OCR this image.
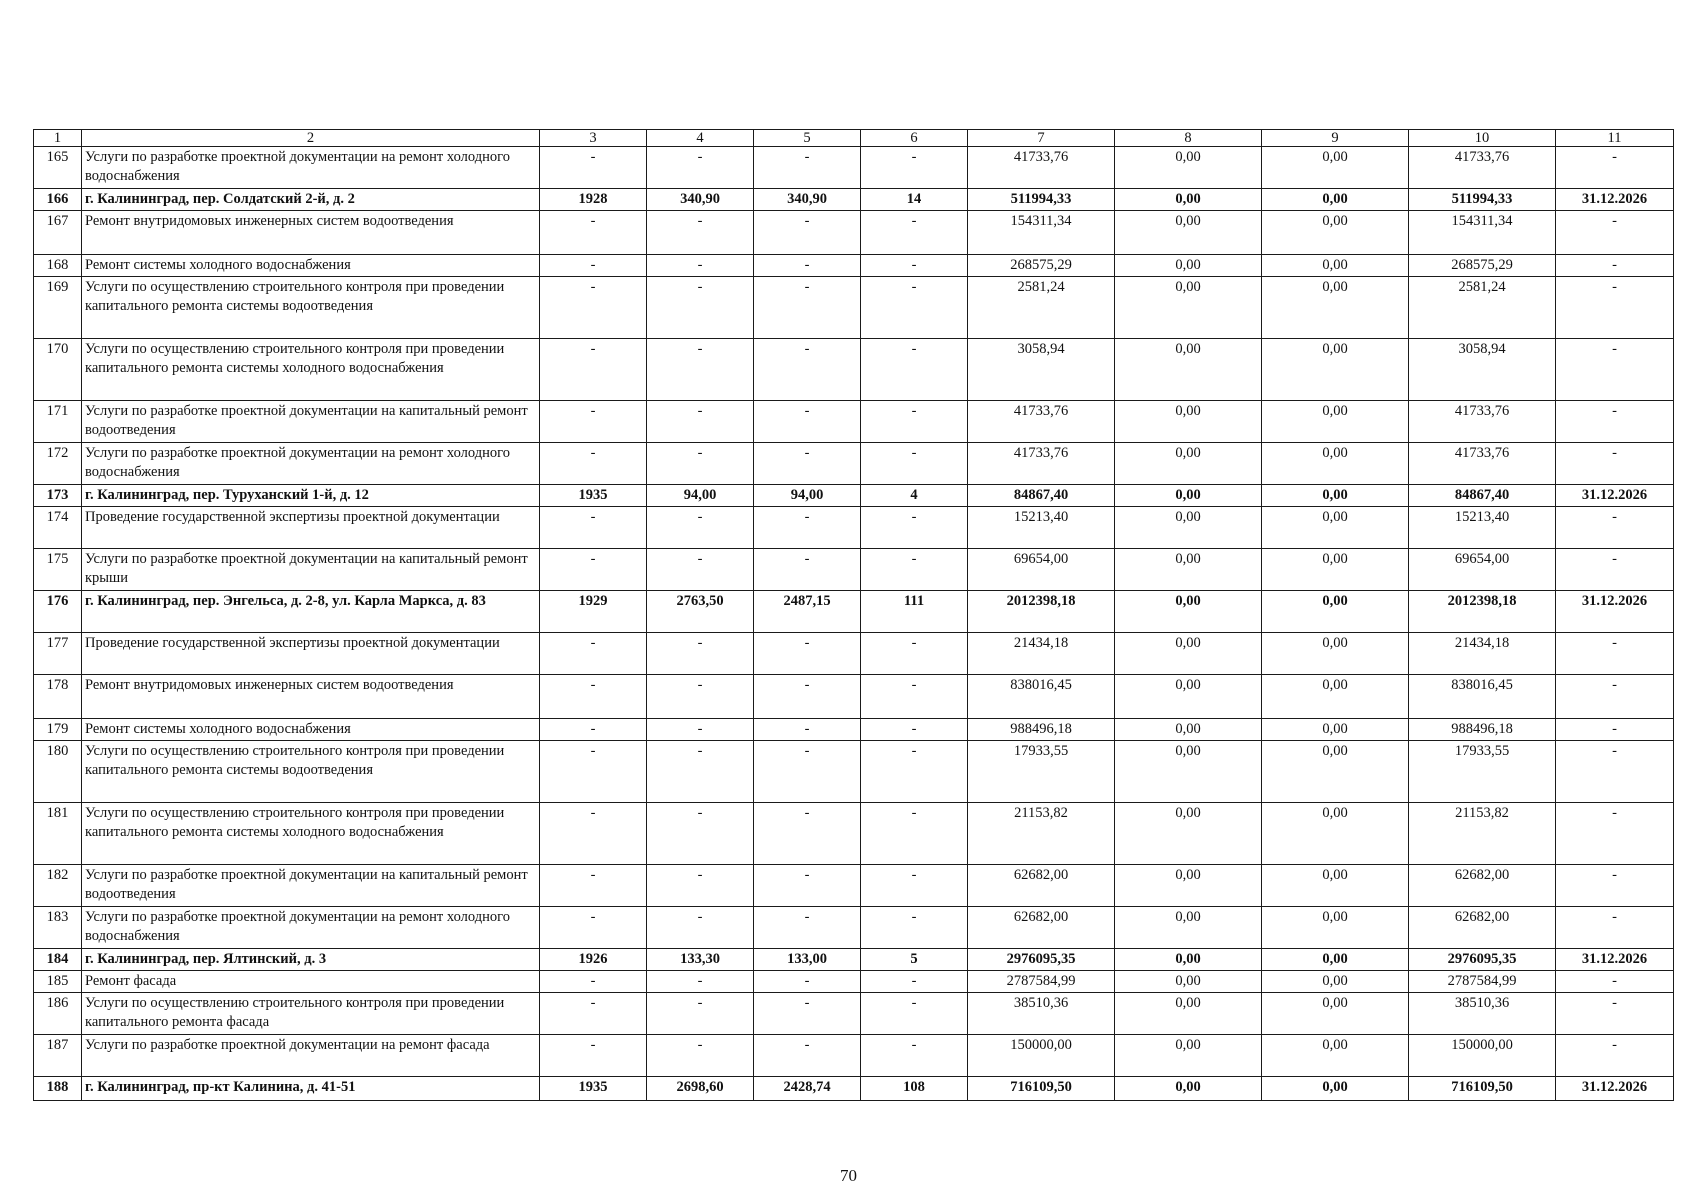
1	2	3	4	5	6	7	8	9	10	11
165	Услуги по разработке проектной документации на ремонт холодного водоснабжения	-	-	-	-	41733,76	0,00	0,00	41733,76	-
166	г. Калининград, пер. Солдатский 2-й, д. 2	1928	340,90	340,90	14	511994,33	0,00	0,00	511994,33	31.12.2026
167	Ремонт внутридомовых инженерных систем водоотведения	-	-	-	-	154311,34	0,00	0,00	154311,34	-
168	Ремонт системы холодного водоснабжения	-	-	-	-	268575,29	0,00	0,00	268575,29	-
169	Услуги по осуществлению строительного контроля при проведении капитального ремонта системы водоотведения	-	-	-	-	2581,24	0,00	0,00	2581,24	-
170	Услуги по осуществлению строительного контроля при проведении капитального ремонта системы холодного водоснабжения	-	-	-	-	3058,94	0,00	0,00	3058,94	-
171	Услуги по разработке проектной документации на капитальный ремонт водоотведения	-	-	-	-	41733,76	0,00	0,00	41733,76	-
172	Услуги по разработке проектной документации на ремонт холодного водоснабжения	-	-	-	-	41733,76	0,00	0,00	41733,76	-
173	г. Калининград, пер. Туруханский 1-й, д. 12	1935	94,00	94,00	4	84867,40	0,00	0,00	84867,40	31.12.2026
174	Проведение государственной экспертизы проектной документации	-	-	-	-	15213,40	0,00	0,00	15213,40	-
175	Услуги по разработке проектной документации на капитальный ремонт крыши	-	-	-	-	69654,00	0,00	0,00	69654,00	-
176	г. Калининград, пер. Энгельса, д. 2-8, ул. Карла Маркса, д. 83	1929	2763,50	2487,15	111	2012398,18	0,00	0,00	2012398,18	31.12.2026
177	Проведение государственной экспертизы проектной документации	-	-	-	-	21434,18	0,00	0,00	21434,18	-
178	Ремонт внутридомовых инженерных систем водоотведения	-	-	-	-	838016,45	0,00	0,00	838016,45	-
179	Ремонт системы холодного водоснабжения	-	-	-	-	988496,18	0,00	0,00	988496,18	-
180	Услуги по осуществлению строительного контроля при проведении капитального ремонта системы водоотведения	-	-	-	-	17933,55	0,00	0,00	17933,55	-
181	Услуги по осуществлению строительного контроля при проведении капитального ремонта системы холодного водоснабжения	-	-	-	-	21153,82	0,00	0,00	21153,82	-
182	Услуги по разработке проектной документации на капитальный ремонт водоотведения	-	-	-	-	62682,00	0,00	0,00	62682,00	-
183	Услуги по разработке проектной документации на ремонт холодного водоснабжения	-	-	-	-	62682,00	0,00	0,00	62682,00	-
184	г. Калининград, пер. Ялтинский, д. 3	1926	133,30	133,00	5	2976095,35	0,00	0,00	2976095,35	31.12.2026
185	Ремонт фасада	-	-	-	-	2787584,99	0,00	0,00	2787584,99	-
186	Услуги по осуществлению строительного контроля при проведении капитального ремонта фасада	-	-	-	-	38510,36	0,00	0,00	38510,36	-
187	Услуги по разработке проектной документации на ремонт фасада	-	-	-	-	150000,00	0,00	0,00	150000,00	-
188	г. Калининград, пр-кт Калинина, д. 41-51	1935	2698,60	2428,74	108	716109,50	0,00	0,00	716109,50	31.12.2026
70
